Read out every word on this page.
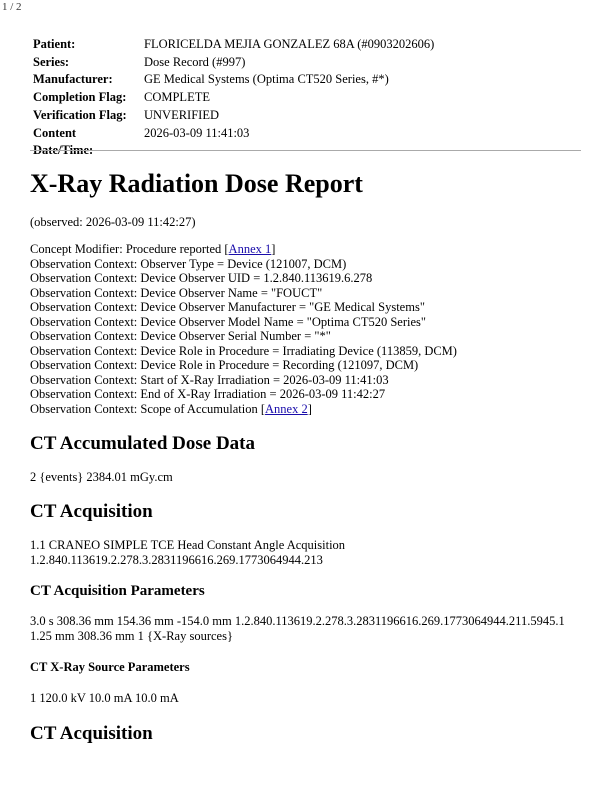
1 / 2
Patient:	FLORICELDA MEJIA GONZALEZ 68A (#0903202606)
Series:	Dose Record (#997)
Manufacturer:	GE Medical Systems (Optima CT520 Series, #*)
Completion Flag:	COMPLETE
Verification Flag:	UNVERIFIED
Content Date/Time:	2026-03-09 11:41:03
X-Ray Radiation Dose Report
(observed: 2026-03-09 11:42:27)
Concept Modifier: Procedure reported [Annex 1]
Observation Context: Observer Type = Device (121007, DCM)
Observation Context: Device Observer UID = 1.2.840.113619.6.278
Observation Context: Device Observer Name = "FOUCT"
Observation Context: Device Observer Manufacturer = "GE Medical Systems"
Observation Context: Device Observer Model Name = "Optima CT520 Series"
Observation Context: Device Observer Serial Number = "*"
Observation Context: Device Role in Procedure = Irradiating Device (113859, DCM)
Observation Context: Device Role in Procedure = Recording (121097, DCM)
Observation Context: Start of X-Ray Irradiation = 2026-03-09 11:41:03
Observation Context: End of X-Ray Irradiation = 2026-03-09 11:42:27
Observation Context: Scope of Accumulation [Annex 2]
CT Accumulated Dose Data
2 {events} 2384.01 mGy.cm
CT Acquisition
1.1 CRANEO SIMPLE TCE Head Constant Angle Acquisition
1.2.840.113619.2.278.3.2831196616.269.1773064944.213
CT Acquisition Parameters
3.0 s 308.36 mm 154.36 mm -154.0 mm 1.2.840.113619.2.278.3.2831196616.269.1773064944.211.5945.1
1.25 mm 308.36 mm 1 {X-Ray sources}
CT X-Ray Source Parameters
1 120.0 kV 10.0 mA 10.0 mA
CT Acquisition
